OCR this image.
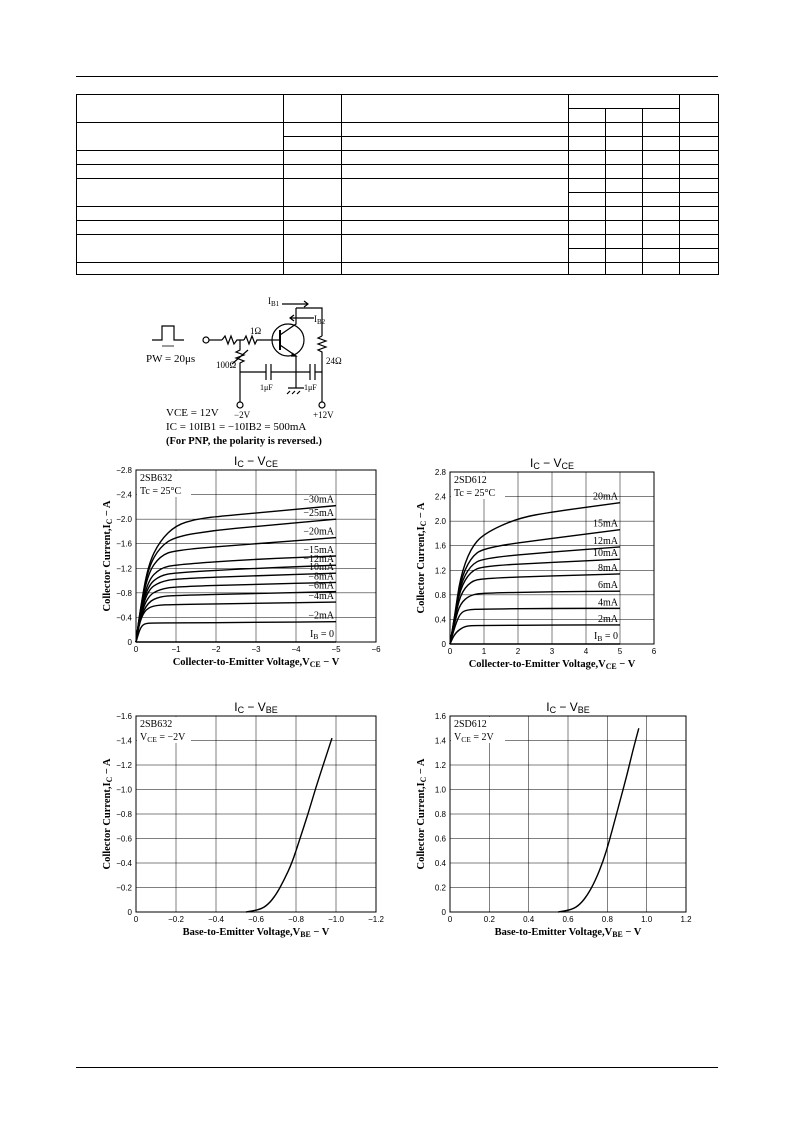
$I_{B1}$
$I_{B2}$
1Ω
100Ω	24Ω
1μF	1μF
−2V	+12V
PW = 20μs
VCE = 12V
IC = 10IB1 = −10IB2 = 500mA
(For PNP, the polarity is reversed.)
0	−1	−2	−3	−4	−5	−6
0
−0.4
−0.8
−1.2
−1.6
−2.0
−2.4
−2.8
IC − VCE
2SB632
Tc = 25°C
Collecter-to-Emitter Voltage,VCE − V
Collector Current,IC − A
$I_B = 0$
−2mA
−4mA
−6mA
−8mA
−10mA
−12mA
−15mA
−20mA
−25mA
−30mA
0	1	2	3	4	5	6
0
0.4
0.8
1.2
1.6
2.0
2.4
2.8
IC − VCE
2SD612
Tc = 25°C
Collecter-to-Emitter Voltage,VCE − V
Collector Current,IC − A
$I_B = 0$
2mA
4mA
6mA
8mA
10mA
12mA
15mA
20mA
0	−0.2	−0.4	−0.6	−0.8	−1.0	−1.2
0
−0.2
−0.4
−0.6
−0.8
−1.0
−1.2
−1.4
−1.6
IC − VBE
2SB632
$V_{CE} = -2V$
Base-to-Emitter Voltage,VBE − V
Collector Current,IC − A
0	0.2	0.4	0.6	0.8	1.0	1.2
0
0.2
0.4
0.6
0.8
1.0
1.2
1.4
1.6
IC − VBE
2SD612
$V_{CE} = 2V$
Base-to-Emitter Voltage,VBE − V
Collector Current,IC − A
